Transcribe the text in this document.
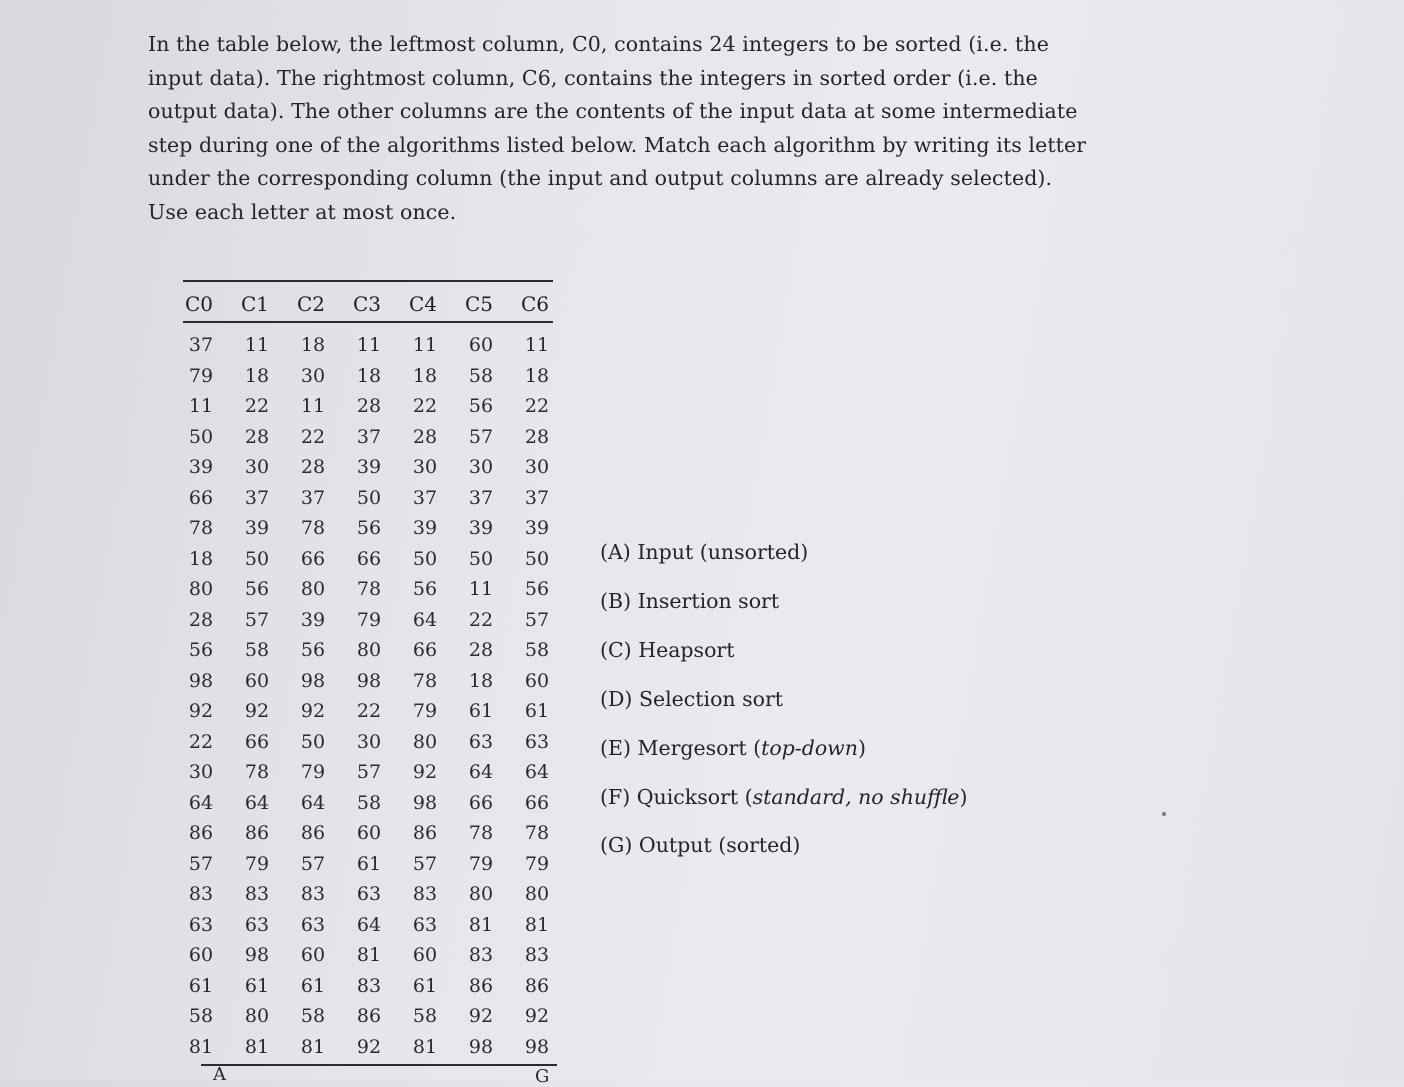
In the table below, the leftmost column, C0, contains 24 integers to be sorted (i.e. the
input data). The rightmost column, C6, contains the integers in sorted order (i.e. the
output data). The other columns are the contents of the input data at some intermediate
step during one of the algorithms listed below. Match each algorithm by writing its letter
under the corresponding column (the input and output columns are already selected).
Use each letter at most once.
C0 C1 C2 C3 C4 C5 C6
A	G
37
79
11
50
39
66
78
18
80
28
56
98
92
22
30
64
86
57
83
63
60
61
58
81
11
18
22
28
30
37
39
50
56
57
58
60
92
66
78
64
86
79
83
63
98
61
80
81
18
30
11
22
28
37
78
66
80
39
56
98
92
50
79
64
86
57
83
63
60
61
58
81
11
18
28
37
39
50
56
66
78
79
80
98
22
30
57
58
60
61
63
64
81
83
86
92
11
18
22
28
30
37
39
50
56
64
66
78
79
80
92
98
86
57
83
63
60
61
58
81
60
58
56
57
30
37
39
50
11
22
28
18
61
63
64
66
78
79
80
81
83
86
92
98
11
18
22
28
30
37
39
50
56
57
58
60
61
63
64
66
78
79
80
81
83
86
92
98
(A) Input (unsorted)
(B) Insertion sort
(C) Heapsort
(D) Selection sort
(E) Mergesort (top-down)
(F) Quicksort (standard, no shuffle)
(G) Output (sorted)
